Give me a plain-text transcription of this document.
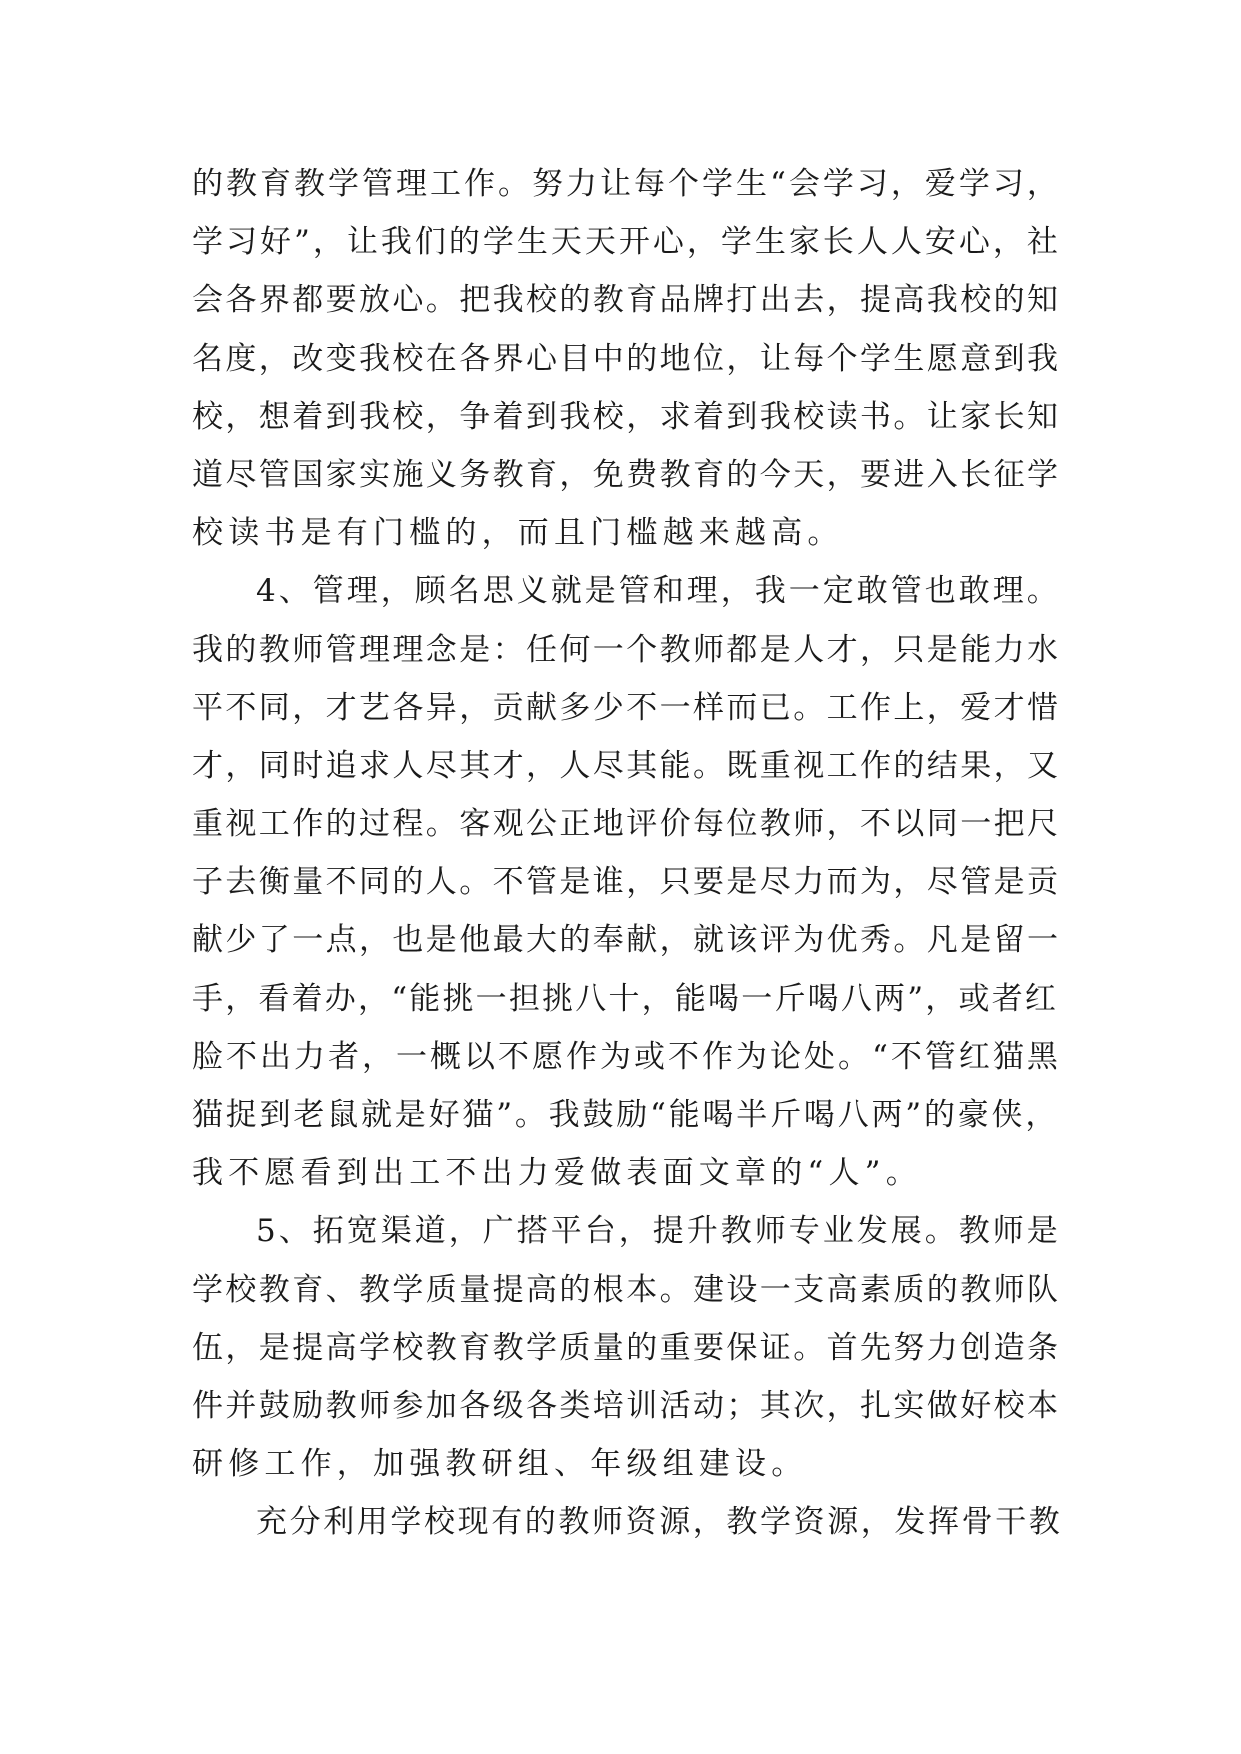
的教育教学管理工作。努力让每个学生“会学习，爱学习，
学习好”，让我们的学生天天开心，学生家长人人安心，社
会各界都要放心。把我校的教育品牌打出去，提高我校的知
名度，改变我校在各界心目中的地位，让每个学生愿意到我
校，想着到我校，争着到我校，求着到我校读书。让家长知
道尽管国家实施义务教育，免费教育的今天，要进入长征学
校读书是有门槛的，而且门槛越来越高。
4、管理，顾名思义就是管和理，我一定敢管也敢理。
我的教师管理理念是：任何一个教师都是人才，只是能力水
平不同，才艺各异，贡献多少不一样而已。工作上，爱才惜
才，同时追求人尽其才，人尽其能。既重视工作的结果，又
重视工作的过程。客观公正地评价每位教师，不以同一把尺
子去衡量不同的人。不管是谁，只要是尽力而为，尽管是贡
献少了一点，也是他最大的奉献，就该评为优秀。凡是留一
手，看着办，“能挑一担挑八十，能喝一斤喝八两”，或者红
脸不出力者，一概以不愿作为或不作为论处。“不管红猫黑
猫捉到老鼠就是好猫”。我鼓励“能喝半斤喝八两”的豪侠，
我不愿看到出工不出力爱做表面文章的“人”。
5、拓宽渠道，广搭平台，提升教师专业发展。教师是
学校教育、教学质量提高的根本。建设一支高素质的教师队
伍，是提高学校教育教学质量的重要保证。首先努力创造条
件并鼓励教师参加各级各类培训活动；其次，扎实做好校本
研修工作，加强教研组、年级组建设。
充分利用学校现有的教师资源，教学资源，发挥骨干教
